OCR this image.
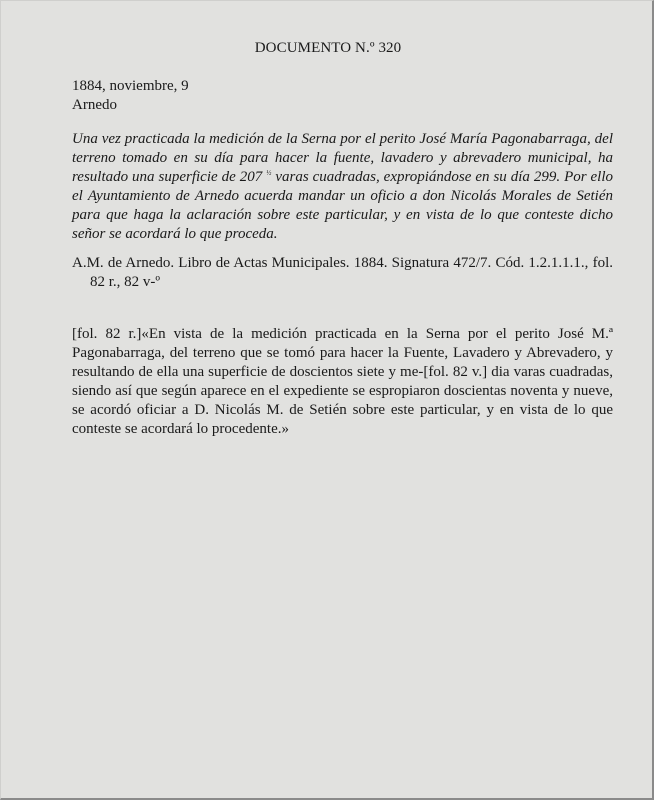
DOCUMENTO N.º 320
1884, noviembre, 9
Arnedo
Una vez practicada la medición de la Serna por el perito José María Pagonabarraga, del terreno tomado en su día para hacer la fuente, lavadero y abrevadero municipal, ha resultado una superficie de 207 $^{\frac{1}{2}}$ varas cuadradas, expropiándose en su día 299. Por ello el Ayuntamiento de Arnedo acuerda mandar un oficio a don Nicolás Morales de Setién para que haga la aclaración sobre este particular, y en vista de lo que conteste dicho señor se acordará lo que proceda.
A.M. de Arnedo. Libro de Actas Municipales. 1884. Signatura 472/7. Cód. 1.2.1.1.1., fol.82 r., 82 v-º
[fol. 82 r.]«En vista de la medición practicada en la Serna por el perito José M.ª Pagonabarraga, del terreno que se tomó para hacer la Fuente, Lavadero y Abrevadero, y resultando de ella una superficie de doscientos siete y me-[fol. 82 v.] dia varas cuadradas, siendo así que según aparece en el expediente se espropiaron doscientas noventa y nueve, se acordó oficiar a D. Nicolás M. de Setién sobre este particular, y en vista de lo que conteste se acordará lo procedente.»
